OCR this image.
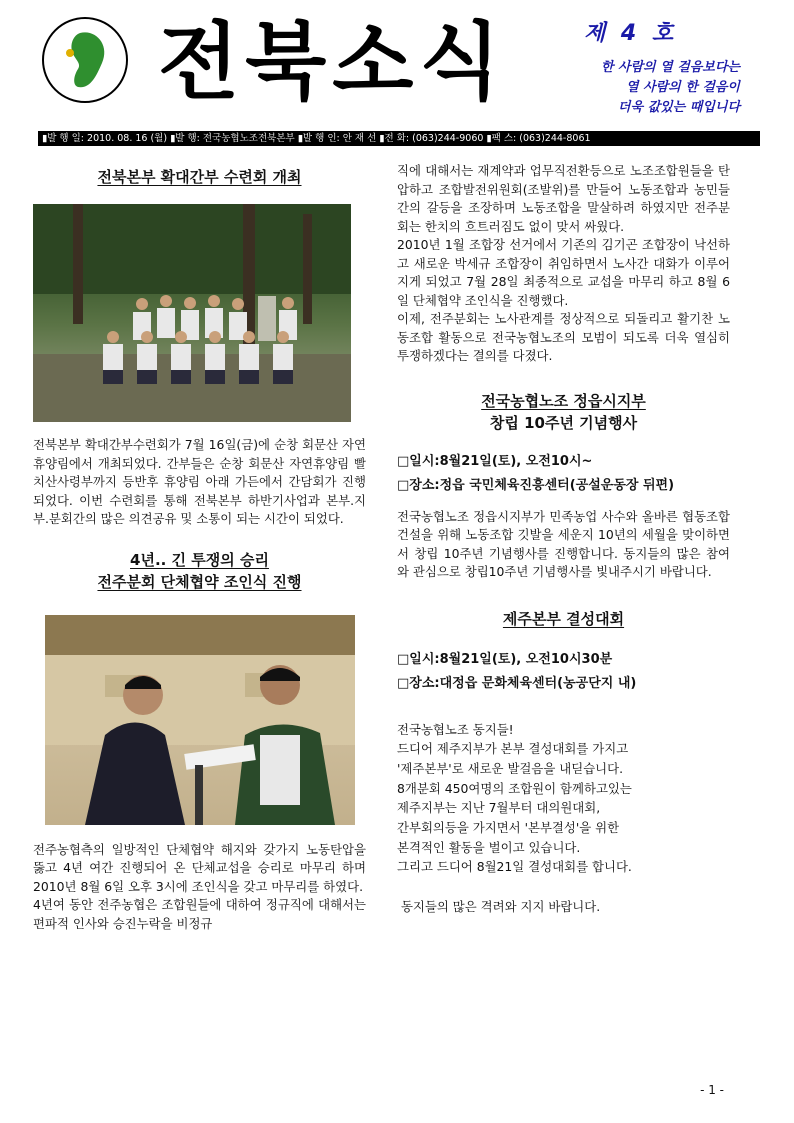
전북소식	제 4 호
한 사람의 열 걸음보다는
열 사람의 한 걸음이
더욱 값있는 때입니다
▮발 행 일: 2010. 08. 16 (월) ▮발 행: 전국농협노조전북본부 ▮발 행 인: 안 재 선 ▮전 화: (063)244-9060 ▮팩 스: (063)244-8061
전북본부 확대간부 수련회 개최
전북본부 확대간부수련회가 7월 16일(금)에 순창 회문산 자연휴양림에서 개최되었다. 간부들은 순창 회문산 자연휴양림 빨치산사령부까지 등반후 휴양림 아래 가든에서 간담회가 진행되었다. 이번 수련회를 통해 전북본부 하반기사업과 본부.지부.분회간의 많은 의견공유 및 소통이 되는 시간이 되었다.
4년.. 긴 투쟁의 승리
전주분회 단체협약 조인식 진행
전주농협측의 일방적인 단체협약 해지와 갖가지 노동탄압을 뚫고 4년 여간 진행되어 온 단체교섭을 승리로 마무리 하며 2010년 8월 6일 오후 3시에 조인식을 갖고 마무리를 하였다.
4년여 동안 전주농협은 조합원들에 대하여 정규직에 대해서는 편파적 인사와 승진누락을 비정규
직에 대해서는 재계약과 업무직전환등으로 노조조합원들을 탄압하고 조합발전위원회(조발위)를 만들어 노동조합과 농민들간의 갈등을 조장하며 노동조합을 말살하려 하였지만 전주분회는 한치의 흐트러짐도 없이 맞서 싸웠다.
2010년 1월 조합장 선거에서 기존의 김기곤 조합장이 낙선하고 새로운 박세규 조합장이 취임하면서 노사간 대화가 이루어지게 되었고 7월 28일 최종적으로 교섭을 마무리 하고 8월 6일 단체협약 조인식을 진행했다.
이제, 전주분회는 노사관계를 정상적으로 되돌리고 활기찬 노동조합 활동으로 전국농협노조의 모범이 되도록 더욱 열심히 투쟁하겠다는 결의를 다졌다.
전국농협노조 정읍시지부
창립 10주년 기념행사
□일시:8월21일(토), 오전10시~
□장소:정읍 국민체육진흥센터(공설운동장 뒤편)
전국농협노조 정읍시지부가 민족농업 사수와 올바른 협동조합 건설을 위해 노동조합 깃발을 세운지 10년의 세월을 맞이하면서 창립 10주년 기념행사를 진행합니다. 동지들의 많은 참여와 관심으로 창립10주년 기념행사를 빛내주시기 바랍니다.
제주본부 결성대회
□일시:8월21일(토), 오전10시30분
□장소:대정읍 문화체육센터(농공단지 내)
전국농협노조 동지들!
드디어 제주지부가 본부 결성대회를 가지고
'제주본부'로 새로운 발걸음을 내딛습니다.
8개분회 450여명의 조합원이 함께하고있는
제주지부는 지난 7월부터 대의원대회,
간부회의등을 가지면서 '본부결성'을 위한
본격적인 활동을 벌이고 있습니다.
그리고 드디어 8월21일 결성대회를 합니다.
동지들의 많은 격려와 지지 바랍니다.
- 1 -
